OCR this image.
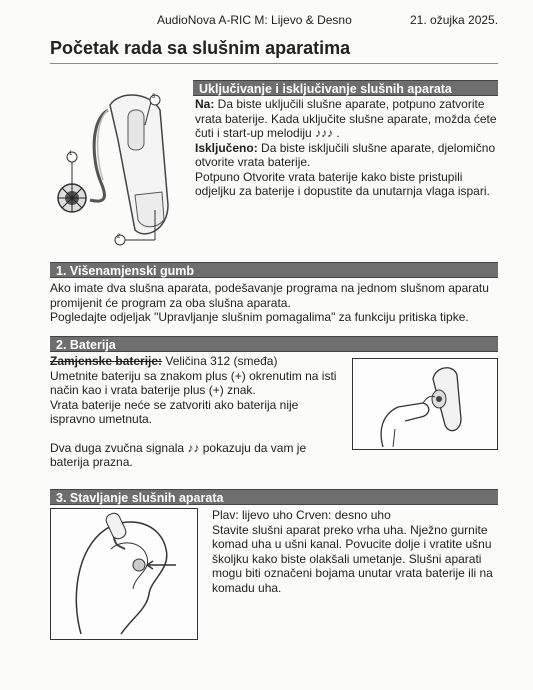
AudioNova A-RIC M: Lijevo & Desno	21. ožujka 2025.
Početak rada sa slušnim aparatima
3
1
2
Uključivanje i isključivanje slušnih aparata

Na: Da biste uključili slušne aparate, potpuno zatvorite vrata baterije. Kada uključite slušne aparate, možda ćete čuti i start-up melodiju ♪♪♪ .

Isključeno: Da biste isključili slušne aparate, djelomično otvorite vrata baterije.

Potpuno Otvorite vrata baterije kako biste pristupili odjeljku za baterije i dopustite da unutarnja vlaga ispari.

1. Višenamjenski gumb

Ako imate dva slušna aparata, podešavanje programa na jednom slušnom aparatu promijenit će program za oba slušna aparata.

Pogledajte odjeljak "Upravljanje slušnim pomagalima" za funkciju pritiska tipke.

2. Baterija

Zamjenske baterije: Veličina 312 (smeđa)

Umetnite bateriju sa znakom plus (+) okrenutim na isti način kao i vrata baterije plus (+) znak.

Vrata baterije neće se zatvoriti ako baterija nije ispravno umetnuta.

Dva duga zvučna signala ♪♪ pokazuju da vam je baterija prazna.

3. Stavljanje slušnih aparata

Plav: lijevo uho Crven: desno uho

Stavite slušni aparat preko vrha uha. Nježno gurnite komad uha u ušni kanal. Povucite dolje i vratite ušnu školjku kako biste olakšali umetanje. Slušni aparati mogu biti označeni bojama unutar vrata baterije ili na komadu uha.
